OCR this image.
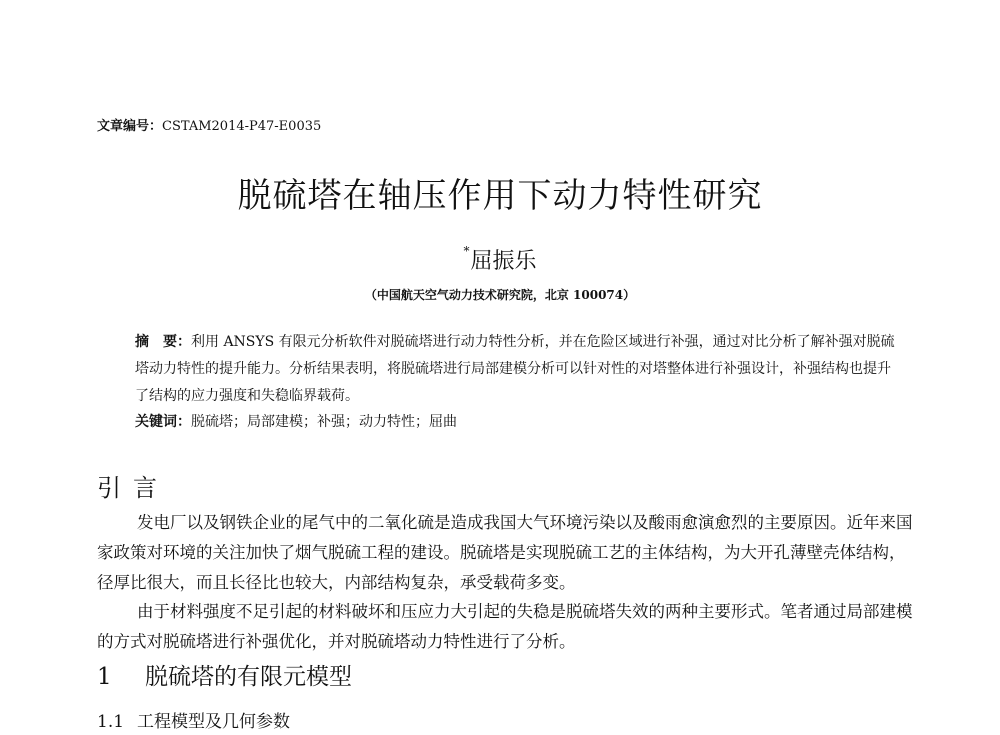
文章编号：CSTAM2014-P47-E0035
脱硫塔在轴压作用下动力特性研究
*屈振乐
（中国航天空气动力技术研究院，北京 100074）
摘　要：利用 ANSYS 有限元分析软件对脱硫塔进行动力特性分析，并在危险区域进行补强，通过对比分析了解补强对脱硫塔动力特性的提升能力。分析结果表明，将脱硫塔进行局部建模分析可以针对性的对塔整体进行补强设计，补强结构也提升了结构的应力强度和失稳临界载荷。
关键词：脱硫塔；局部建模；补强；动力特性；屈曲
引言
发电厂以及钢铁企业的尾气中的二氧化硫是造成我国大气环境污染以及酸雨愈演愈烈的主要原因。近年来国家政策对环境的关注加快了烟气脱硫工程的建设。脱硫塔是实现脱硫工艺的主体结构，为大开孔薄壁壳体结构，径厚比很大，而且长径比也较大，内部结构复杂，承受载荷多变。
由于材料强度不足引起的材料破坏和压应力大引起的失稳是脱硫塔失效的两种主要形式。笔者通过局部建模的方式对脱硫塔进行补强优化，并对脱硫塔动力特性进行了分析。
1 脱硫塔的有限元模型
1.1 工程模型及几何参数
